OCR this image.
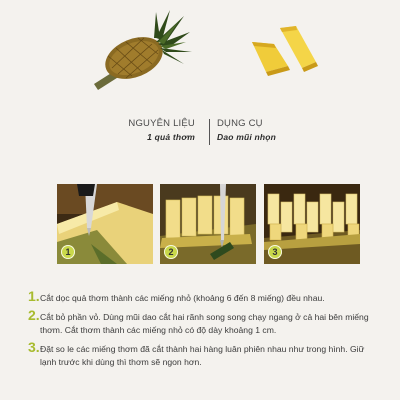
NGUYÊN LIỆU
1 quả thơm
DỤNG CỤ
Dao mũi nhọn
1	2	3
1. Cắt dọc quả thơm thành các miếng nhỏ (khoảng 6 đến 8 miếng) đều nhau.
2. Cắt bỏ phần vỏ. Dùng mũi dao cắt hai rãnh song song chạy ngang ở cả hai bên miếng thơm. Cắt thơm thành các miếng nhỏ có độ dày khoảng 1 cm.
3. Đặt so le các miếng thơm đã cắt thành hai hàng luân phiên nhau như trong hình. Giữ lạnh trước khi dùng thì thơm sẽ ngon hơn.
